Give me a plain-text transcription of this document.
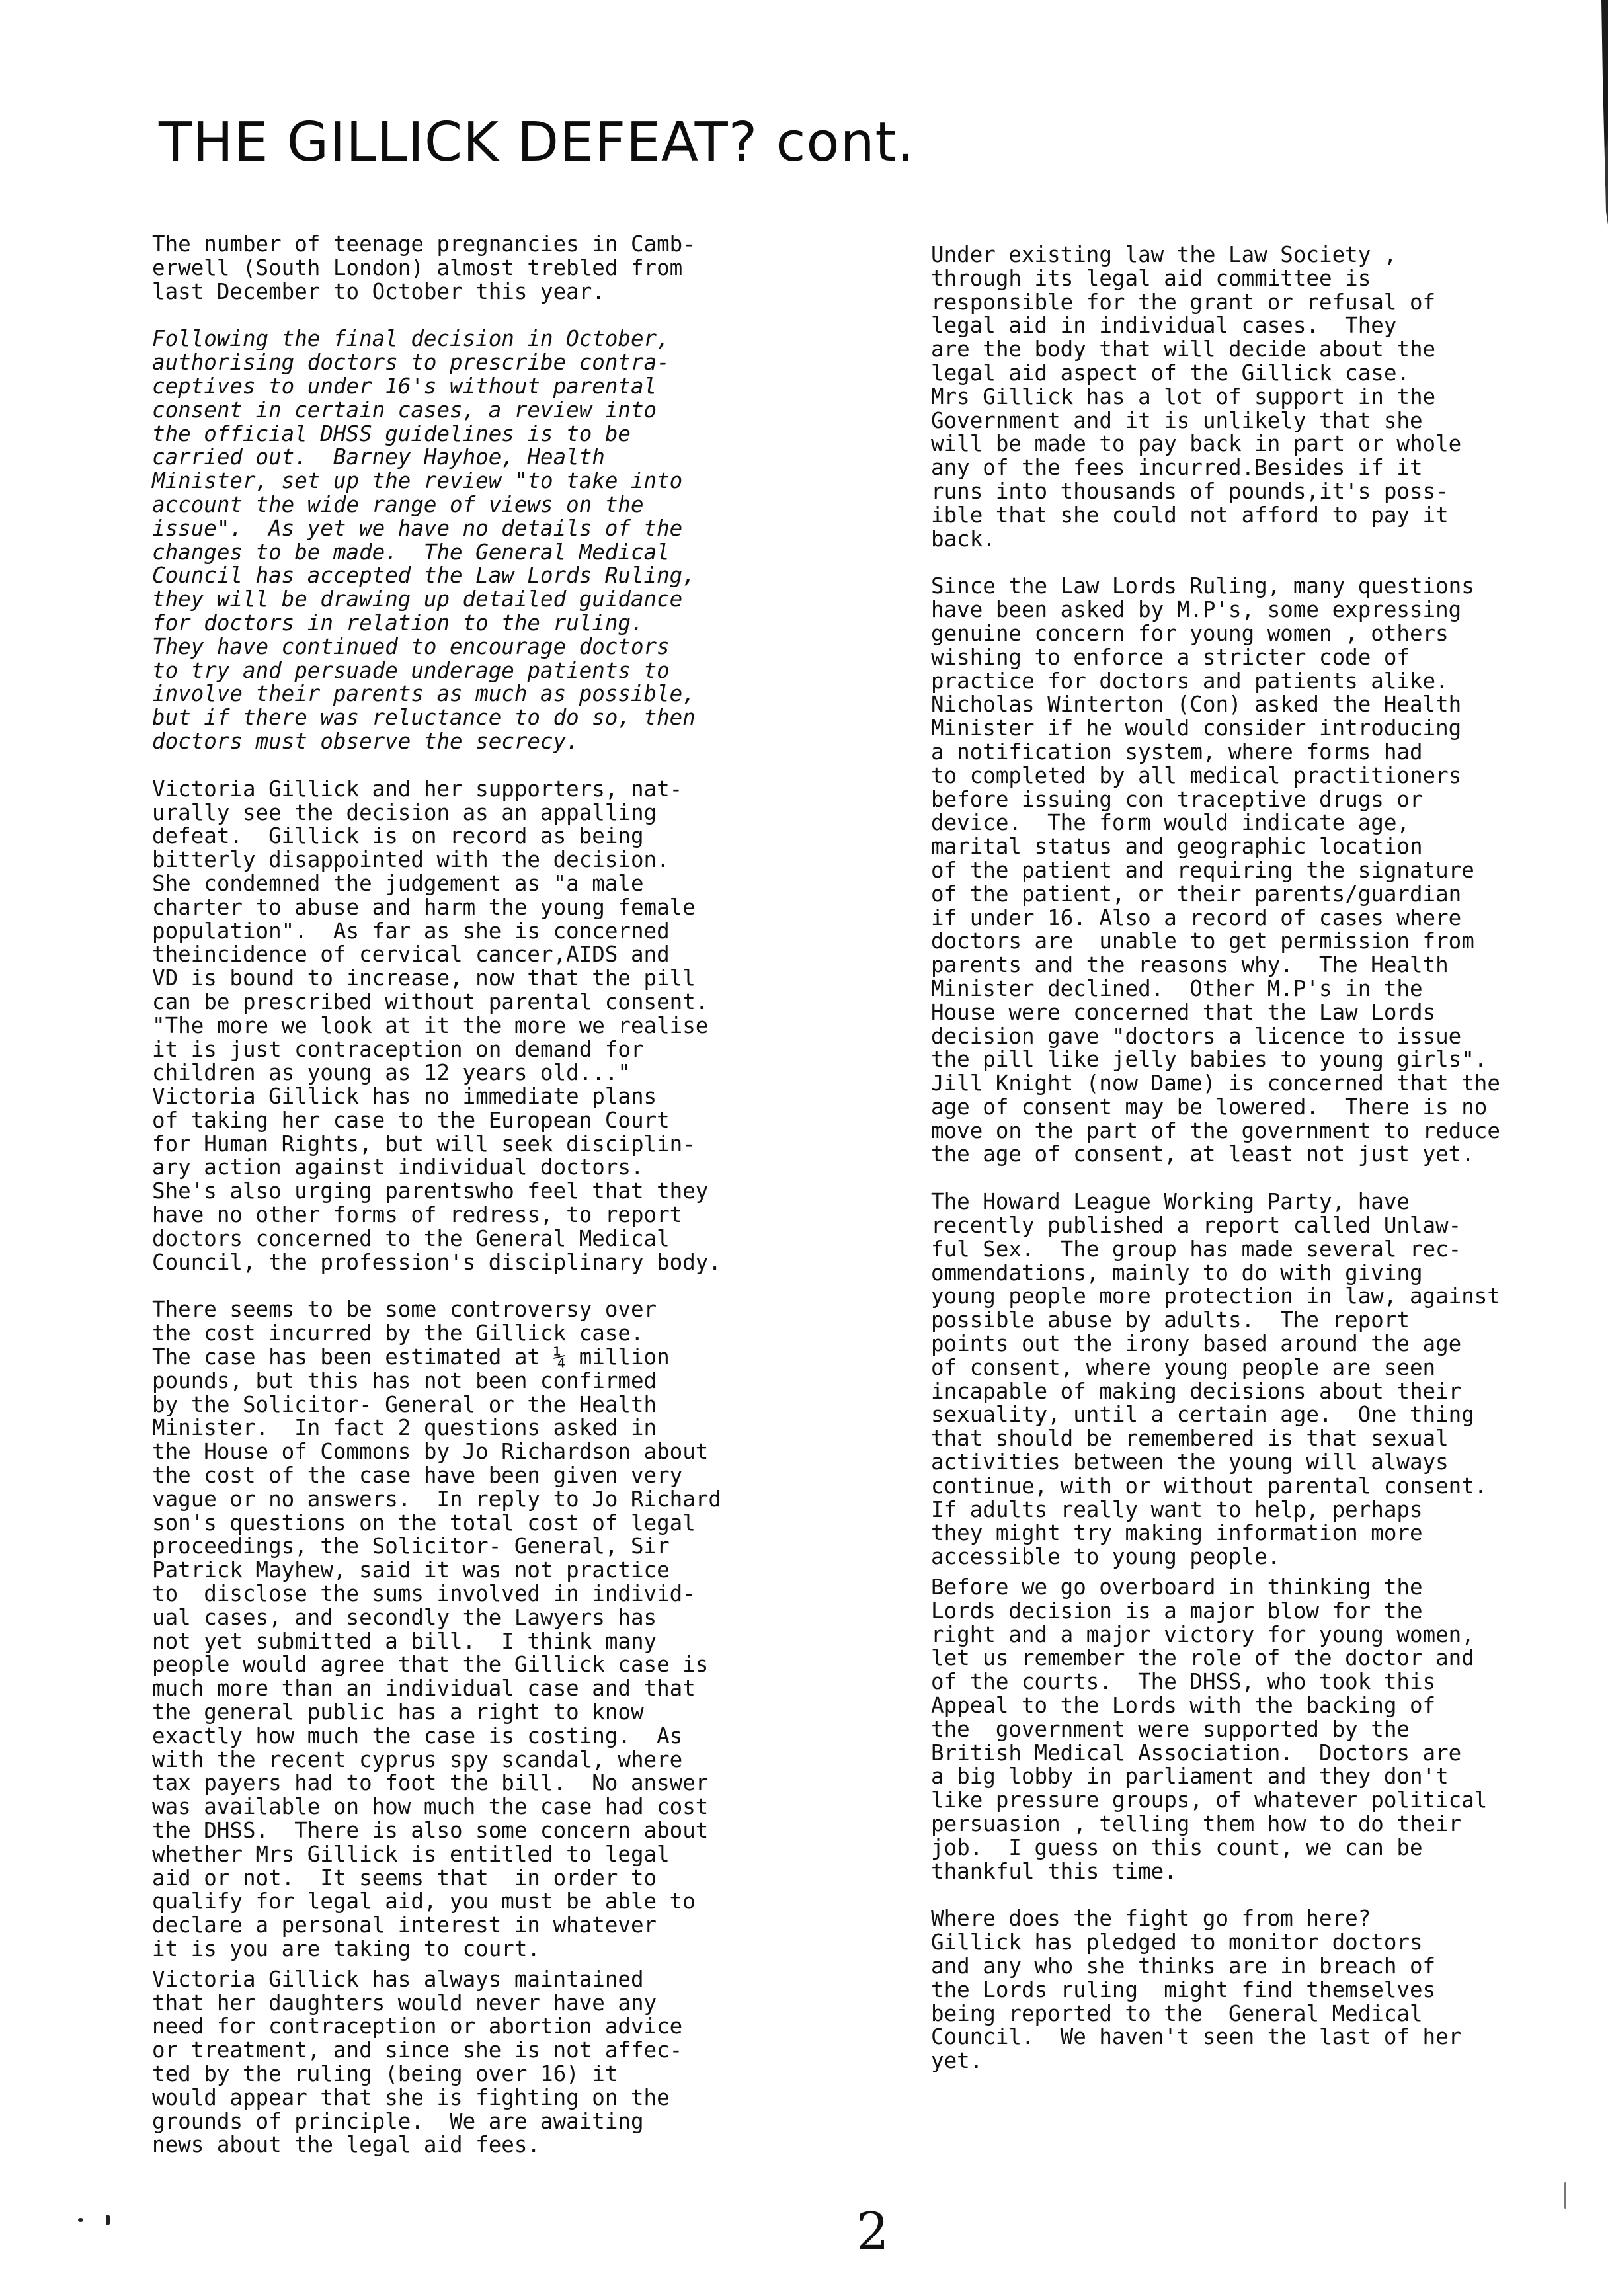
THE GILLICK DEFEAT? cont.

The number of teenage pregnancies in Camb-
erwell (South London) almost trebled from
last December to October this year.

Following the final decision in October,
authorising doctors to prescribe contra-
ceptives to under 16's without parental
consent in certain cases, a review into
the official DHSS guidelines is to be
carried out.  Barney Hayhoe, Health
Minister, set up the review "to take into
account the wide range of views on the
issue".  As yet we have no details of the
changes to be made.  The General Medical
Council has accepted the Law Lords Ruling,
they will be drawing up detailed guidance
for doctors in relation to the ruling.
They have continued to encourage doctors
to try and persuade underage patients to
involve their parents as much as possible,
but if there was reluctance to do so, then
doctors must observe the secrecy.

Victoria Gillick and her supporters, nat-
urally see the decision as an appalling
defeat.  Gillick is on record as being
bitterly disappointed with the decision.
She condemned the judgement as "a male
charter to abuse and harm the young female
population".  As far as she is concerned
theincidence of cervical cancer,AIDS and
VD is bound to increase, now that the pill
can be prescribed without parental consent.
"The more we look at it the more we realise
it is just contraception on demand for
children as young as 12 years old..."
Victoria Gillick has no immediate plans
of taking her case to the European Court
for Human Rights, but will seek disciplin-
ary action against individual doctors.
She's also urging parentswho feel that they
have no other forms of redress, to report
doctors concerned to the General Medical
Council, the profession's disciplinary body.

There seems to be some controversy over
the cost incurred by the Gillick case.
The case has been estimated at ¼ million
pounds, but this has not been confirmed
by the Solicitor- General or the Health
Minister.  In fact 2 questions asked in
the House of Commons by Jo Richardson about
the cost of the case have been given very
vague or no answers.  In reply to Jo Richard
son's questions on the total cost of legal
proceedings, the Solicitor- General, Sir
Patrick Mayhew, said it was not practice
to  disclose the sums involved in individ-
ual cases, and secondly the Lawyers has
not yet submitted a bill.  I think many
people would agree that the Gillick case is
much more than an individual case and that
the general public has a right to know
exactly how much the case is costing.  As
with the recent cyprus spy scandal, where
tax payers had to foot the bill.  No answer
was available on how much the case had cost
the DHSS.  There is also some concern about
whether Mrs Gillick is entitled to legal
aid or not.  It seems that  in order to
qualify for legal aid, you must be able to
declare a personal interest in whatever
it is you are taking to court.

Victoria Gillick has always maintained
that her daughters would never have any
need for contraception or abortion advice
or treatment, and since she is not affec-
ted by the ruling (being over 16) it
would appear that she is fighting on the
grounds of principle.  We are awaiting
news about the legal aid fees.

Under existing law the Law Society ,
through its legal aid committee is
responsible for the grant or refusal of
legal aid in individual cases.  They
are the body that will decide about the
legal aid aspect of the Gillick case.
Mrs Gillick has a lot of support in the
Government and it is unlikely that she
will be made to pay back in part or whole
any of the fees incurred.Besides if it
runs into thousands of pounds,it's poss-
ible that she could not afford to pay it
back.

Since the Law Lords Ruling, many questions
have been asked by M.P's, some expressing
genuine concern for young women , others
wishing to enforce a stricter code of
practice for doctors and patients alike.
Nicholas Winterton (Con) asked the Health
Minister if he would consider introducing
a notification system, where forms had
to completed by all medical practitioners
before issuing con traceptive drugs or
device.  The form would indicate age,
marital status and geographic location
of the patient and requiring the signature
of the patient, or their parents/guardian
if under 16. Also a record of cases where
doctors are  unable to get permission from
parents and the reasons why.  The Health
Minister declined.  Other M.P's in the
House were concerned that the Law Lords
decision gave "doctors a licence to issue
the pill like jelly babies to young girls".
Jill Knight (now Dame) is concerned that the
age of consent may be lowered.  There is no
move on the part of the government to reduce
the age of consent, at least not just yet.

The Howard League Working Party, have
recently published a report called Unlaw-
ful Sex.  The group has made several rec-
ommendations, mainly to do with giving
young people more protection in law, against
possible abuse by adults.  The report
points out the irony based around the age
of consent, where young people are seen
incapable of making decisions about their
sexuality, until a certain age.  One thing
that should be remembered is that sexual
activities between the young will always
continue, with or without parental consent.
If adults really want to help, perhaps
they might try making information more
accessible to young people.

Before we go overboard in thinking the
Lords decision is a major blow for the
right and a major victory for young women,
let us remember the role of the doctor and
of the courts.  The DHSS, who took this
Appeal to the Lords with the backing of
the  government were supported by the
British Medical Association.  Doctors are
a big lobby in parliament and they don't
like pressure groups, of whatever political
persuasion , telling them how to do their
job.  I guess on this count, we can be
thankful this time.

Where does the fight go from here?
Gillick has pledged to monitor doctors
and any who she thinks are in breach of
the Lords ruling  might find themselves
being reported to the  General Medical
Council.  We haven't seen the last of her
yet.

2
